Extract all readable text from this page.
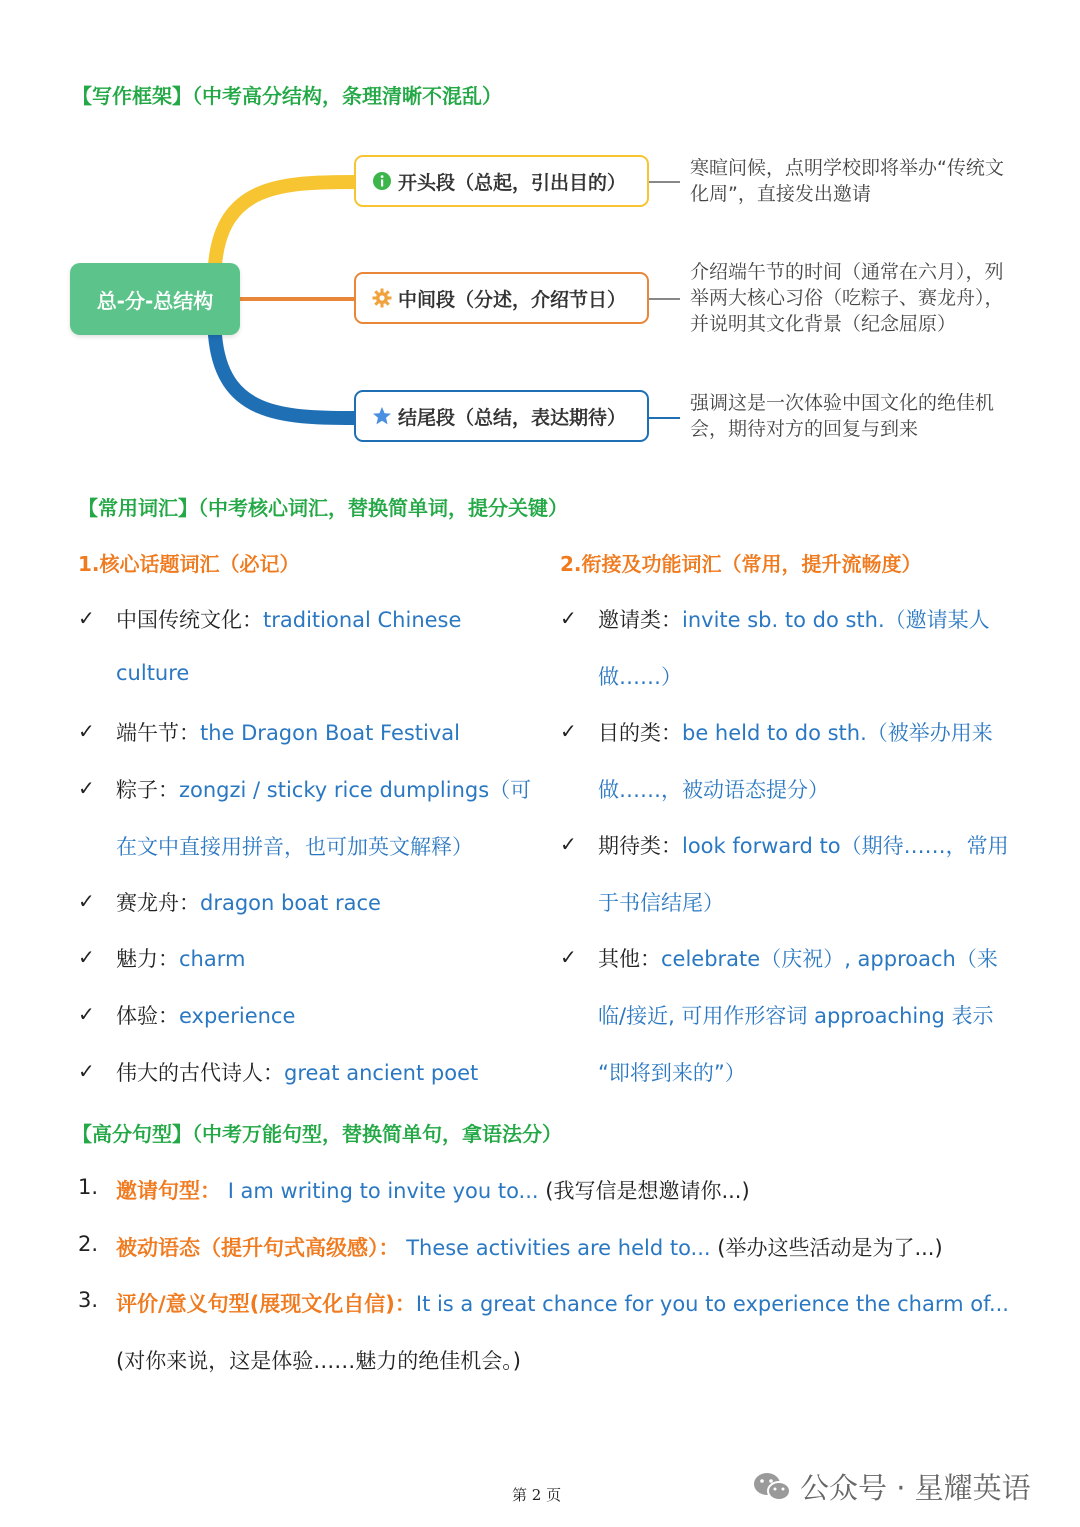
【写作框架】（中考高分结构，条理清晰不混乱）
总-分-总结构
开头段（总起，引出目的）
中间段（分述，介绍节日）
结尾段（总结，表达期待）
寒暄问候，点明学校即将举办“传统文
化周”，直接发出邀请
介绍端午节的时间（通常在六月），列
举两大核心习俗（吃粽子、赛龙舟），
并说明其文化背景（纪念屈原）
强调这是一次体验中国文化的绝佳机
会，期待对方的回复与到来
【常用词汇】（中考核心词汇，替换简单词，提分关键）
1.核心话题词汇（必记）	2.衔接及功能词汇（常用，提升流畅度）
✓ 中国传统文化：traditional Chinese
culture
✓ 端午节：the Dragon Boat Festival
✓ 粽子：zongzi / sticky rice dumplings（可
在文中直接用拼音，也可加英文解释）
✓ 赛龙舟：dragon boat race
✓ 魅力：charm
✓ 体验：experience
✓ 伟大的古代诗人：great ancient poet
✓ 邀请类：invite sb. to do sth.（邀请某人
做……）
✓ 目的类：be held to do sth.（被举办用来
做……，被动语态提分）
✓ 期待类：look forward to（期待……，常用
于书信结尾）
✓ 其他：celebrate（庆祝）, approach（来
临/接近, 可用作形容词 approaching 表示
“即将到来的”）
【高分句型】（中考万能句型，替换简单句，拿语法分）
1. 邀请句型： I am writing to invite you to... (我写信是想邀请你...)
2. 被动语态（提升句式高级感）： These activities are held to... (举办这些活动是为了...)
3. 评价/意义句型(展现文化自信)：It is a great chance for you to experience the charm of...
(对你来说，这是体验……魅力的绝佳机会。)
第 2 页	公众号 · 星耀英语
